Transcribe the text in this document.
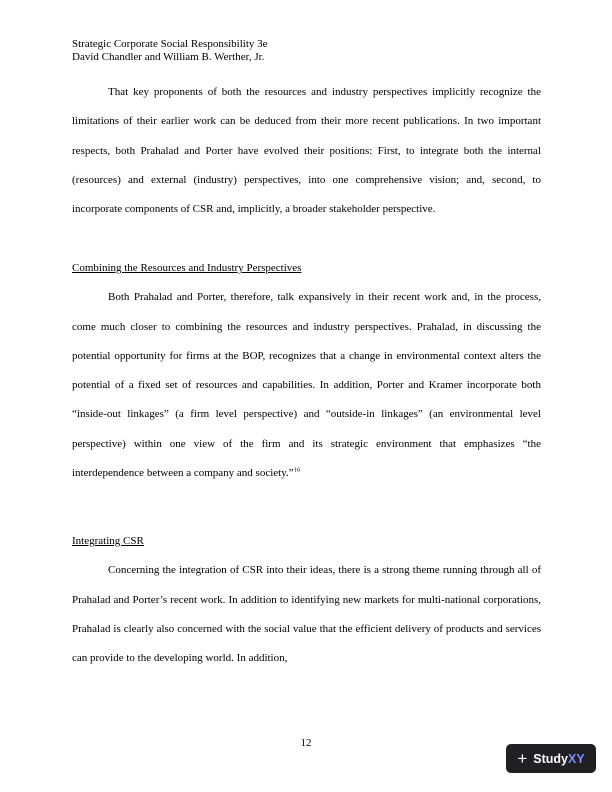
Strategic Corporate Social Responsibility 3e
David Chandler and William B. Werther, Jr.

That key proponents of both the resources and industry perspectives implicitly recognize the limitations of their earlier work can be deduced from their more recent publications. In two important respects, both Prahalad and Porter have evolved their positions: First, to integrate both the internal (resources) and external (industry) perspectives, into one comprehensive vision; and, second, to incorporate components of CSR and, implicitly, a broader stakeholder perspective.

Combining the Resources and Industry Perspectives

Both Prahalad and Porter, therefore, talk expansively in their recent work and, in the process, come much closer to combining the resources and industry perspectives. Prahalad, in discussing the potential opportunity for firms at the BOP, recognizes that a change in environmental context alters the potential of a fixed set of resources and capabilities. In addition, Porter and Kramer incorporate both “inside-out linkages” (a firm level perspective) and “outside-in linkages” (an environmental level perspective) within one view of the firm and its strategic environment that emphasizes “the interdependence between a company and society.”$^{16}$

Integrating CSR

Concerning the integration of CSR into their ideas, there is a strong theme running through all of Prahalad and Porter’s recent work. In addition to identifying new markets for multi-national corporations, Prahalad is clearly also concerned with the social value that the efficient delivery of products and services can provide to the developing world. In addition,

12
+ Study XY
